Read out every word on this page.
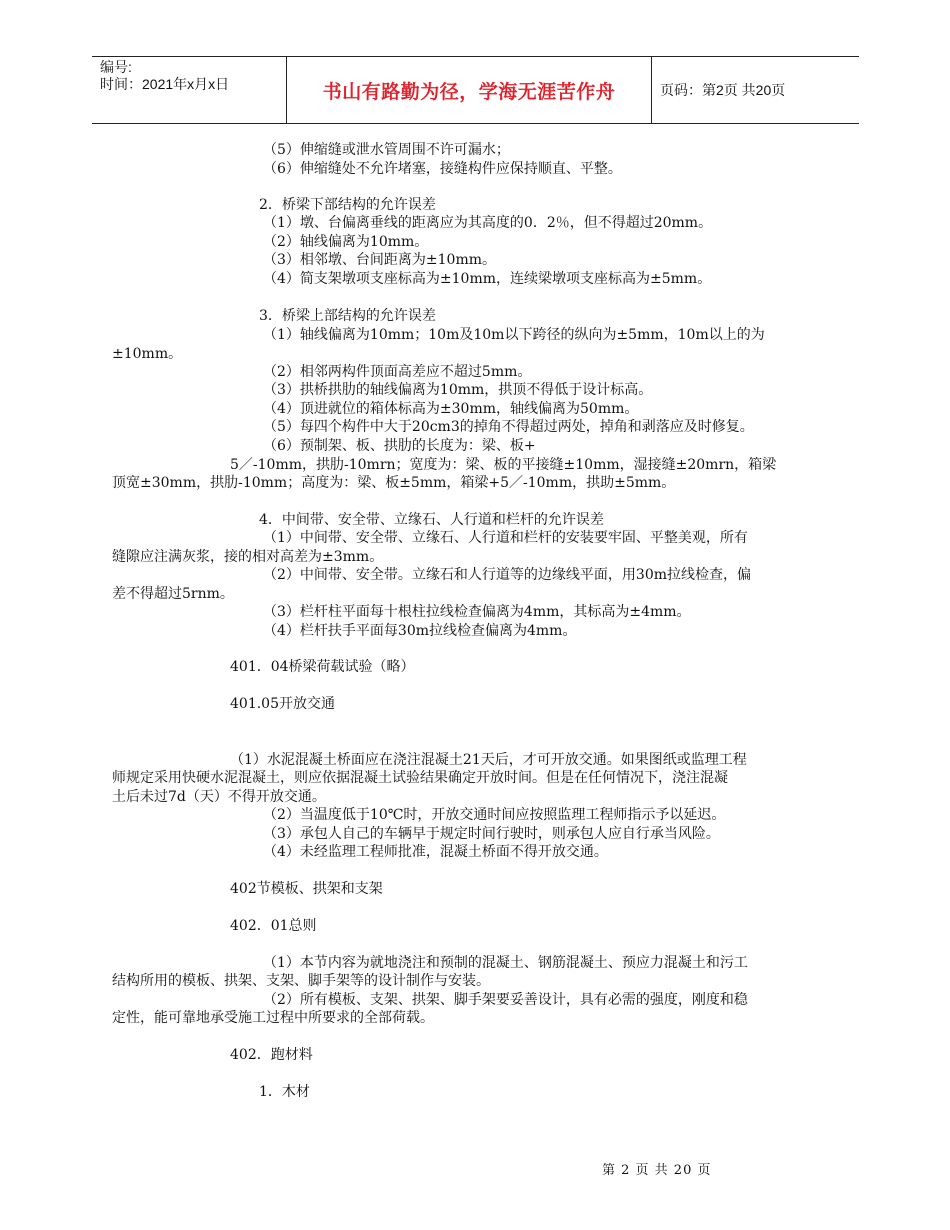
编号:
时间：2021年x月x日	书山有路勤为径，学海无涯苦作舟	页码：第2页 共20页
（5）伸缩缝或泄水管周围不许可漏水；
（6）伸缩缝处不允许堵塞，接缝构件应保持顺直、平整。
2．桥梁下部结构的允许误差
（1）墩、台偏离垂线的距离应为其高度的0．2％，但不得超过20mm。
（2）轴线偏离为10mm。
（3）相邻墩、台间距离为±10mm。
（4）简支架墩项支座标高为±10mm，连续梁墩项支座标高为±5mm。
3．桥梁上部结构的允许误差
（1）轴线偏离为10mm；10m及10m以下跨径的纵向为±5mm，10m以上的为
±10mm。
（2）相邻两构件顶面高差应不超过5mm。
（3）拱桥拱肋的轴线偏离为10mm，拱顶不得低于设计标高。
（4）顶进就位的箱体标高为±30mm，轴线偏离为50mm。
（5）每四个构件中大于20cm3的掉角不得超过两处，掉角和剥落应及时修复。
（6）预制架、板、拱肋的长度为：梁、板+
5／-10mm，拱肋-10mrn；宽度为：梁、板的平接缝±10mm，湿接缝±20mrn，箱梁
顶宽±30mm，拱肋-10mm；高度为：梁、板±5mm，箱梁+5／-10mm，拱助±5mm。
4．中间带、安全带、立缘石、人行道和栏杆的允许误差
（1）中间带、安全带、立缘石、人行道和栏杆的安装要牢固、平整美观，所有
缝隙应注满灰浆，接的相对高差为±3mm。
（2）中间带、安全带。立缘石和人行道等的边缘线平面，用30m拉线检查，偏
差不得超过5rnm。
（3）栏杆柱平面每十根柱拉线检查偏离为4mm，其标高为±4mm。
（4）栏杆扶手平面每30m拉线检查偏离为4mm。
401．04桥梁荷载试验（略）
401.05开放交通
（1）水泥混凝土桥面应在浇注混凝土21天后，才可开放交通。如果图纸或监理工程
师规定采用快硬水泥混凝土，则应依据混凝土试验结果确定开放时间。但是在任何情况下，浇注混凝
土后未过7d（天）不得开放交通。
（2）当温度低于10℃时，开放交通时间应按照监理工程师指示予以延迟。
（3）承包人自己的车辆早于规定时间行驶时，则承包人应自行承当风险。
（4）未经监理工程师批准，混凝土桥面不得开放交通。
402节模板、拱架和支架
402．01总则
（1）本节内容为就地浇注和预制的混凝土、钢筋混凝土、预应力混凝土和污工
结构所用的模板、拱架、支架、脚手架等的设计制作与安装。
（2）所有模板、支架、拱架、脚手架要妥善设计，具有必需的强度，刚度和稳
定性，能可靠地承受施工过程中所要求的全部荷载。
402．跑材料
1．木材
第 2 页 共 20 页
